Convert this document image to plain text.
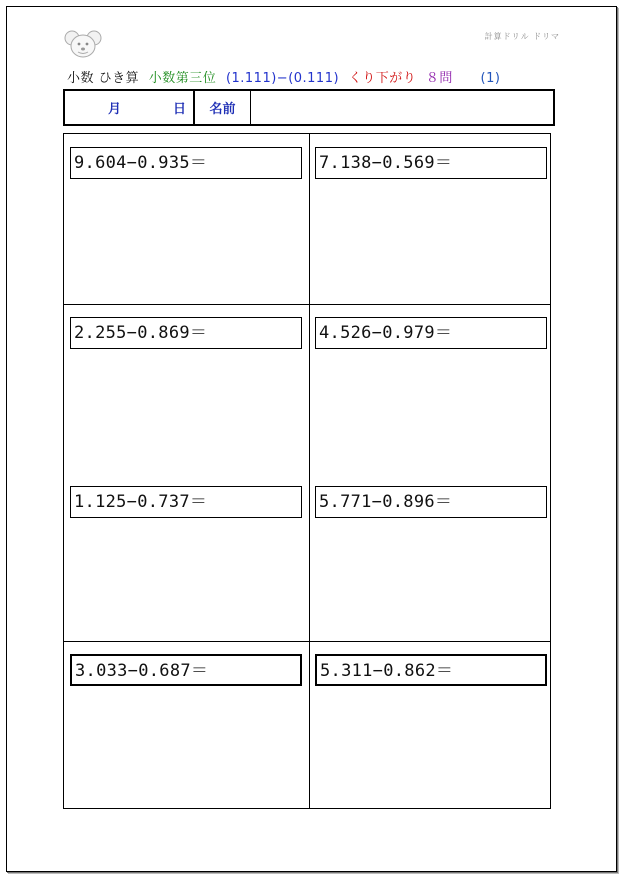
計算ドリル ドリマ
小数 ひき算 小数第三位 (1.111)−(0.111) くり下がり ８問 (1)
月	日	名前
9.604−0.935＝	7.138−0.569＝
2.255−0.869＝	4.526−0.979＝
1.125−0.737＝	5.771−0.896＝
3.033−0.687＝	5.311−0.862＝
